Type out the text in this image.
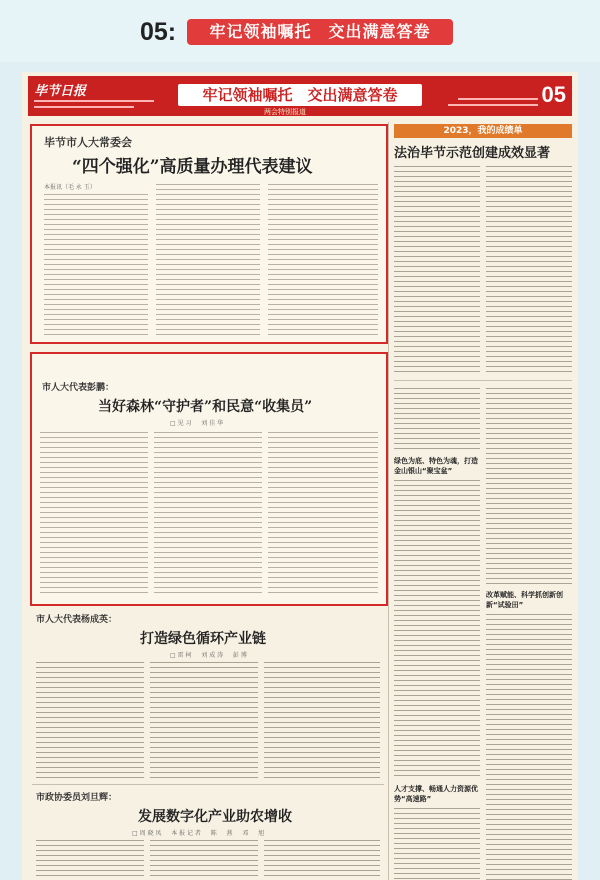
05:	牢记领袖嘱托　交出满意答卷
毕节日报	牢记领袖嘱托　交出满意答卷
两会特别报道
05
毕节市人大常委会
“四个强化”高质量办理代表建议
本报讯（毛 永 玉）
市人大代表彭鹏：
当好森林“守护者”和民意“收集员”
□ 见 习 　 刘 佳 华
市人大代表杨成英：
打造绿色循环产业链
□ 雷 柯 　 刘 成 涛 　 彭 博
市政协委员刘旦辉：
发展数字化产业助农增收
□ 周 晓 凤 　 本 报 记 者 　 陈 　 燕 　 邓 　 旭
2023，我的成绩单
法治毕节示范创建成效显著
绿色为底、特色为魂，打造金山银山“聚宝盆”
改革赋能、科学抓创新创新“试验田”
人才支撑、畅通人力资源优势“高速路”
